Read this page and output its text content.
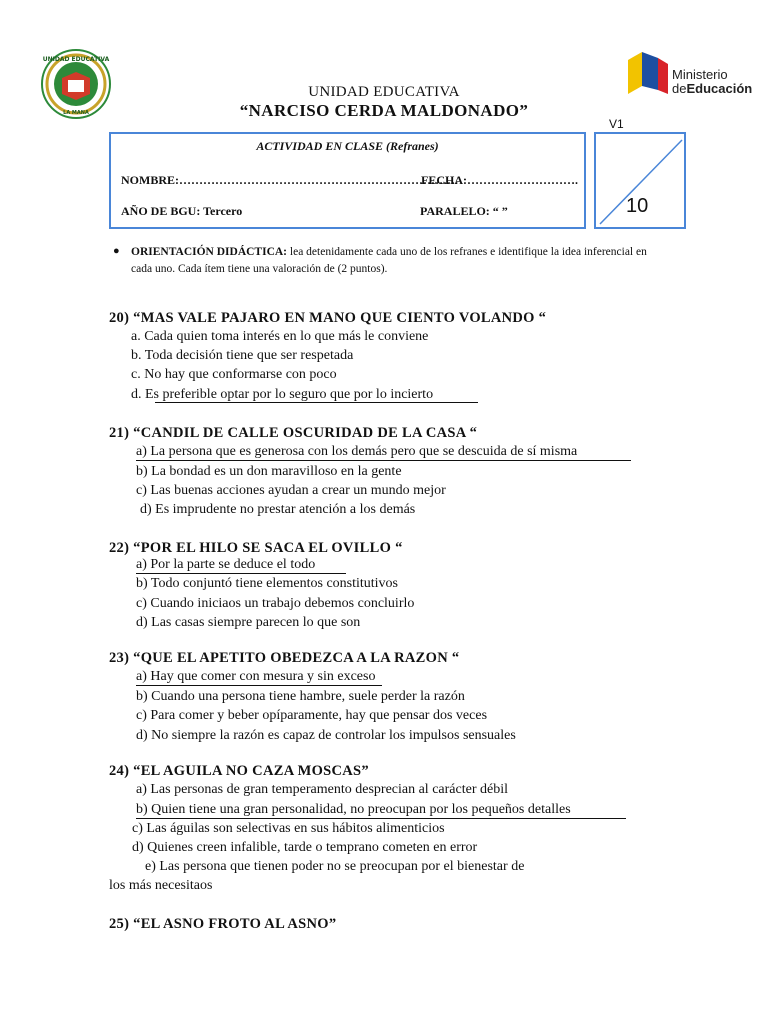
UNIDAD EDUCATIVA
LA MANA
Ministerio
deEducación
UNIDAD EDUCATIVA
“NARCISO CERDA MALDONADO”
V1
ACTIVIDAD EN CLASE (Refranes)
NOMBRE:…………………………………………………………….
FECHA:……………………….
AÑO DE BGU: Tercero	PARALELO: “ ”	10
● ORIENTACIÓN DIDÁCTICA: lea detenidamente cada uno de los refranes e identifique la idea inferencial en cada uno. Cada ítem tiene una valoración de (2 puntos).
20) “MAS VALE PAJARO EN MANO QUE CIENTO VOLANDO “
a. Cada quien toma interés en lo que más le conviene
b. Toda decisión tiene que ser respetada
c. No hay que conformarse con poco
d. Es preferible optar por lo seguro que por lo incierto
21) “CANDIL DE CALLE OSCURIDAD DE LA CASA “
a) La persona que es generosa con los demás pero que se descuida de sí misma
b) La bondad es un don maravilloso en la gente
c) Las buenas acciones ayudan a crear un mundo mejor
d) Es imprudente no prestar atención a los demás
22) “POR EL HILO SE SACA EL OVILLO “
a) Por la parte se deduce el todo
b) Todo conjuntó tiene elementos constitutivos
c) Cuando iniciaos un trabajo debemos concluirlo
d) Las casas siempre parecen lo que son
23) “QUE EL APETITO OBEDEZCA A LA RAZON “
a) Hay que comer con mesura y sin exceso
b) Cuando una persona tiene hambre, suele perder la razón
c) Para comer y beber opíparamente, hay que pensar dos veces
d) No siempre la razón es capaz de controlar los impulsos sensuales
24) “EL AGUILA NO CAZA MOSCAS”
a) Las personas de gran temperamento desprecian al carácter débil
b) Quien tiene una gran personalidad, no preocupan por los pequeños detalles
c) Las águilas son selectivas en sus hábitos alimenticios
d) Quienes creen infalible, tarde o temprano cometen en error
e) Las persona que tienen poder no se preocupan por el bienestar de
los más necesitaos
25) “EL ASNO FROTO AL ASNO”
